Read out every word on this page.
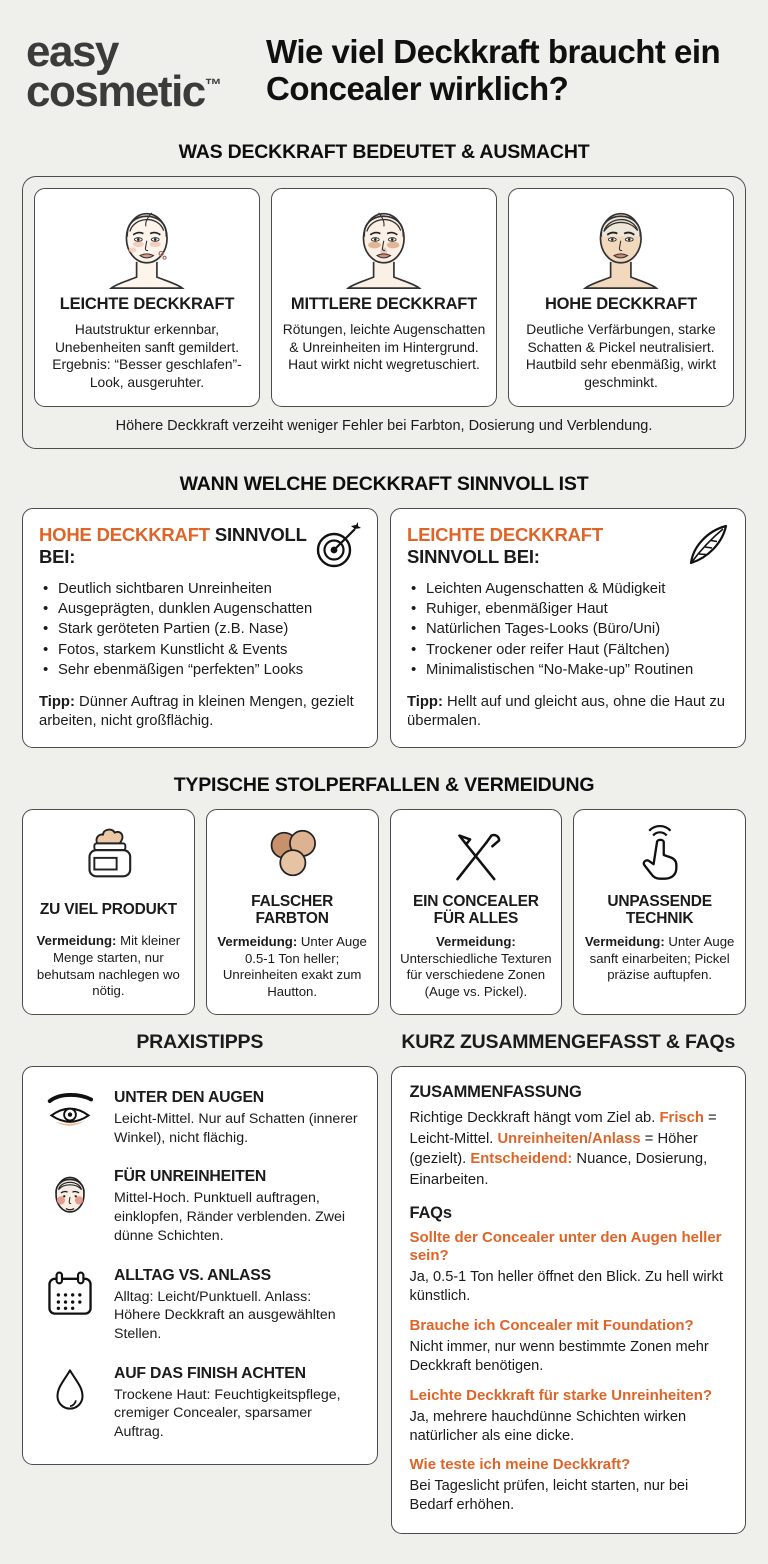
easy
cosmetic™
Wie viel Deckkraft braucht ein Concealer wirklich?
WAS DECKKRAFT BEDEUTET & AUSMACHT
LEICHTE DECKKRAFT

Hautstruktur erkennbar, Unebenheiten sanft gemildert. Ergebnis: “Besser geschlafen”- Look, ausgeruhter.

MITTLERE DECKKRAFT

Rötungen, leichte Augenschatten & Unreinheiten im Hintergrund. Haut wirkt nicht wegretuschiert.

HOHE DECKKRAFT

Deutliche Verfärbungen, starke Schatten & Pickel neutralisiert. Hautbild sehr ebenmäßig, wirkt geschminkt.

Höhere Deckkraft verzeiht weniger Fehler bei Farbton, Dosierung und Verblendung.
WANN WELCHE DECKKRAFT SINNVOLL IST
HOHE DECKKRAFT SINNVOLL BEI:
• Deutlich sichtbaren Unreinheiten
• Ausgeprägten, dunklen Augenschatten
• Stark geröteten Partien (z.B. Nase)
• Fotos, starkem Kunstlicht & Events
• Sehr ebenmäßigen “perfekten” Looks

Tipp: Dünner Auftrag in kleinen Mengen, gezielt arbeiten, nicht großflächig.

LEICHTE DECKKRAFT SINNVOLL BEI:
• Leichten Augenschatten & Müdigkeit
• Ruhiger, ebenmäßiger Haut
• Natürlichen Tages-Looks (Büro/Uni)
• Trockener oder reifer Haut (Fältchen)
• Minimalistischen “No-Make-up” Routinen

Tipp: Hellt auf und gleicht aus, ohne die Haut zu übermalen.

TYPISCHE STOLPERFALLEN & VERMEIDUNG
ZU VIEL PRODUKT

Vermeidung: Mit kleiner Menge starten, nur behutsam nachlegen wo nötig.

FALSCHER FARBTON

Vermeidung: Unter Auge 0.5-1 Ton heller; Unreinheiten exakt zum Hautton.

EIN CONCEALER FÜR ALLES

Vermeidung: Unterschiedliche Texturen für verschiedene Zonen (Auge vs. Pickel).

UNPASSENDE TECHNIK

Vermeidung: Unter Auge sanft einarbeiten; Pickel präzise auftupfen.

PRAXISTIPPS
UNTER DEN AUGEN

Leicht-Mittel. Nur auf Schatten (innerer Winkel), nicht flächig.

FÜR UNREINHEITEN

Mittel-Hoch. Punktuell auftragen, einklopfen, Ränder verblenden. Zwei dünne Schichten.

ALLTAG VS. ANLASS

Alltag: Leicht/Punktuell. Anlass: Höhere Deckkraft an ausgewählten Stellen.

AUF DAS FINISH ACHTEN

Trockene Haut: Feuchtigkeitspflege, cremiger Concealer, sparsamer Auftrag.

KURZ ZUSAMMENGEFASST & FAQs
ZUSAMMENFASSUNG

Richtige Deckkraft hängt vom Ziel ab. Frisch = Leicht-Mittel. Unreinheiten/Anlass = Höher (gezielt). Entscheidend: Nuance, Dosierung, Einarbeiten.

FAQs
Sollte der Concealer unter den Augen heller sein?
Ja, 0.5-1 Ton heller öffnet den Blick. Zu hell wirkt künstlich.
Brauche ich Concealer mit Foundation?
Nicht immer, nur wenn bestimmte Zonen mehr Deckkraft benötigen.
Leichte Deckkraft für starke Unreinheiten?
Ja, mehrere hauchdünne Schichten wirken natürlicher als eine dicke.
Wie teste ich meine Deckkraft?
Bei Tageslicht prüfen, leicht starten, nur bei Bedarf erhöhen.
